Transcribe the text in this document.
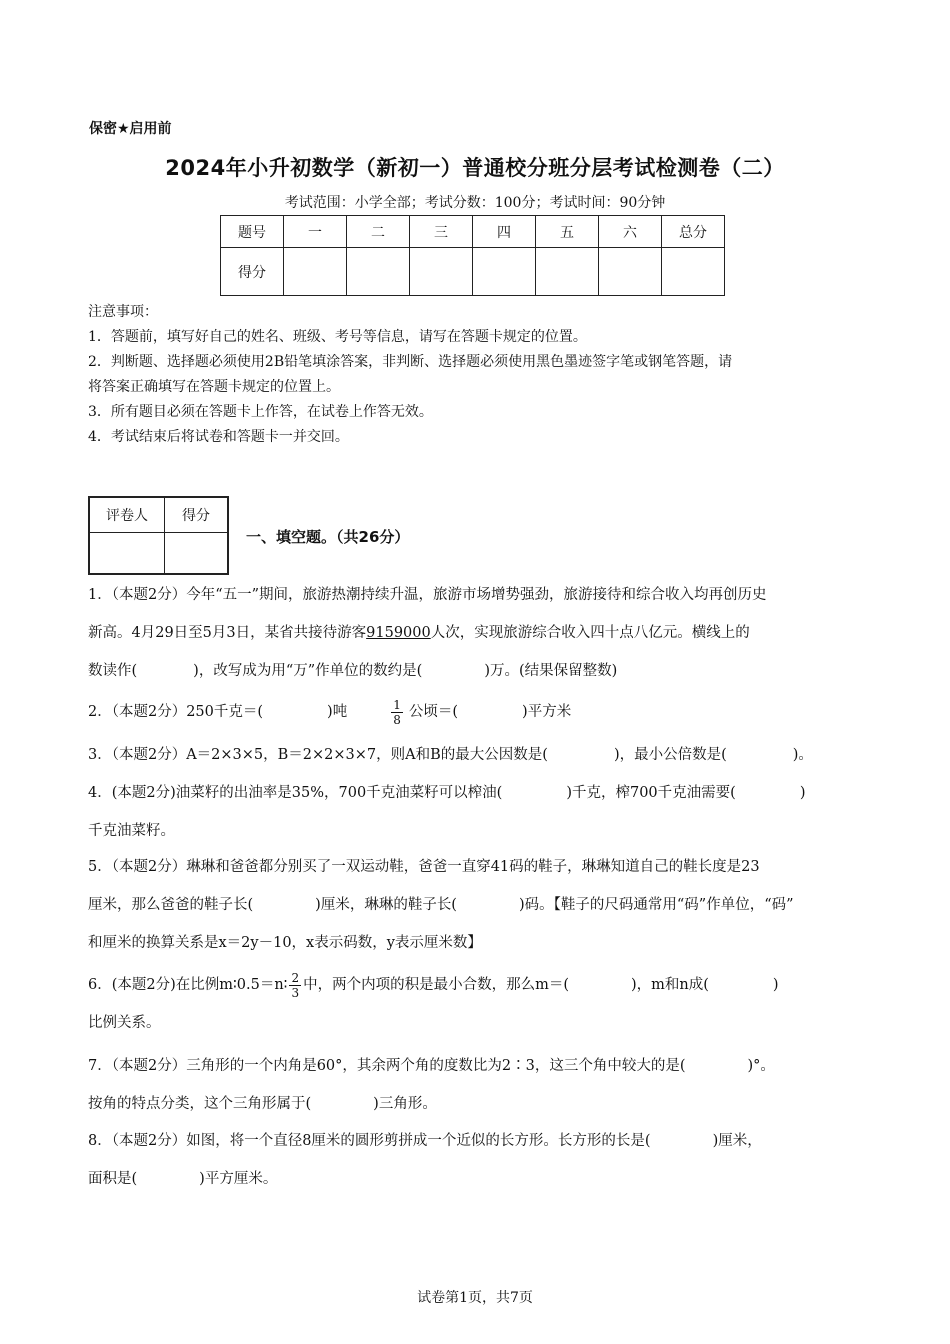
保密★启用前
2024年小升初数学（新初一）普通校分班分层考试检测卷（二）
考试范围：小学全部；考试分数：100分；考试时间：90分钟
题号	一	二	三	四	五	六	总分
得分							
注意事项：
1．答题前，填写好自己的姓名、班级、考号等信息，请写在答题卡规定的位置。
2．判断题、选择题必须使用2B铅笔填涂答案，非判断、选择题必须使用黑色墨迹签字笔或钢笔答题，请
将答案正确填写在答题卡规定的位置上。
3．所有题目必须在答题卡上作答，在试卷上作答无效。
4．考试结束后将试卷和答题卡一并交回。
评卷人	得分

一、填空题。（共26分）
1．（本题2分）今年“五一”期间，旅游热潮持续升温，旅游市场增势强劲，旅游接待和综合收入均再创历史
新高。4月29日至5月3日，某省共接待游客9159000人次，实现旅游综合收入四十点八亿元。横线上的
数读作(	)，改写成为用“万”作单位的数约是(	)万。(结果保留整数)
2．（本题2分）250千克＝(	)吨	$\frac{1}{8}$ 公顷＝(	)平方米
3．（本题2分）A＝2×3×5，B＝2×2×3×7，则A和B的最大公因数是(	)，最小公倍数是(	)。
4．(本题2分)油菜籽的出油率是35%，700千克油菜籽可以榨油(	)千克，榨700千克油需要(	)
千克油菜籽。
5．（本题2分）琳琳和爸爸都分别买了一双运动鞋，爸爸一直穿41码的鞋子，琳琳知道自己的鞋长度是23
厘米，那么爸爸的鞋子长(	)厘米，琳琳的鞋子长(	)码。【鞋子的尺码通常用“码”作单位，“码”
和厘米的换算关系是x＝2y－10，x表示码数，y表示厘米数】
6．(本题2分)在比例m∶0.5＝n∶ $\frac{2}{3}$ 中，两个内项的积是最小合数，那么m＝(	)，m和n成(	)
比例关系。
7．（本题2分）三角形的一个内角是60°，其余两个角的度数比为2∶3，这三个角中较大的是(	)°。
按角的特点分类，这个三角形属于(	)三角形。
8．（本题2分）如图，将一个直径8厘米的圆形剪拼成一个近似的长方形。长方形的长是(	)厘米，
面积是(	)平方厘米。
试卷第1页，共7页
